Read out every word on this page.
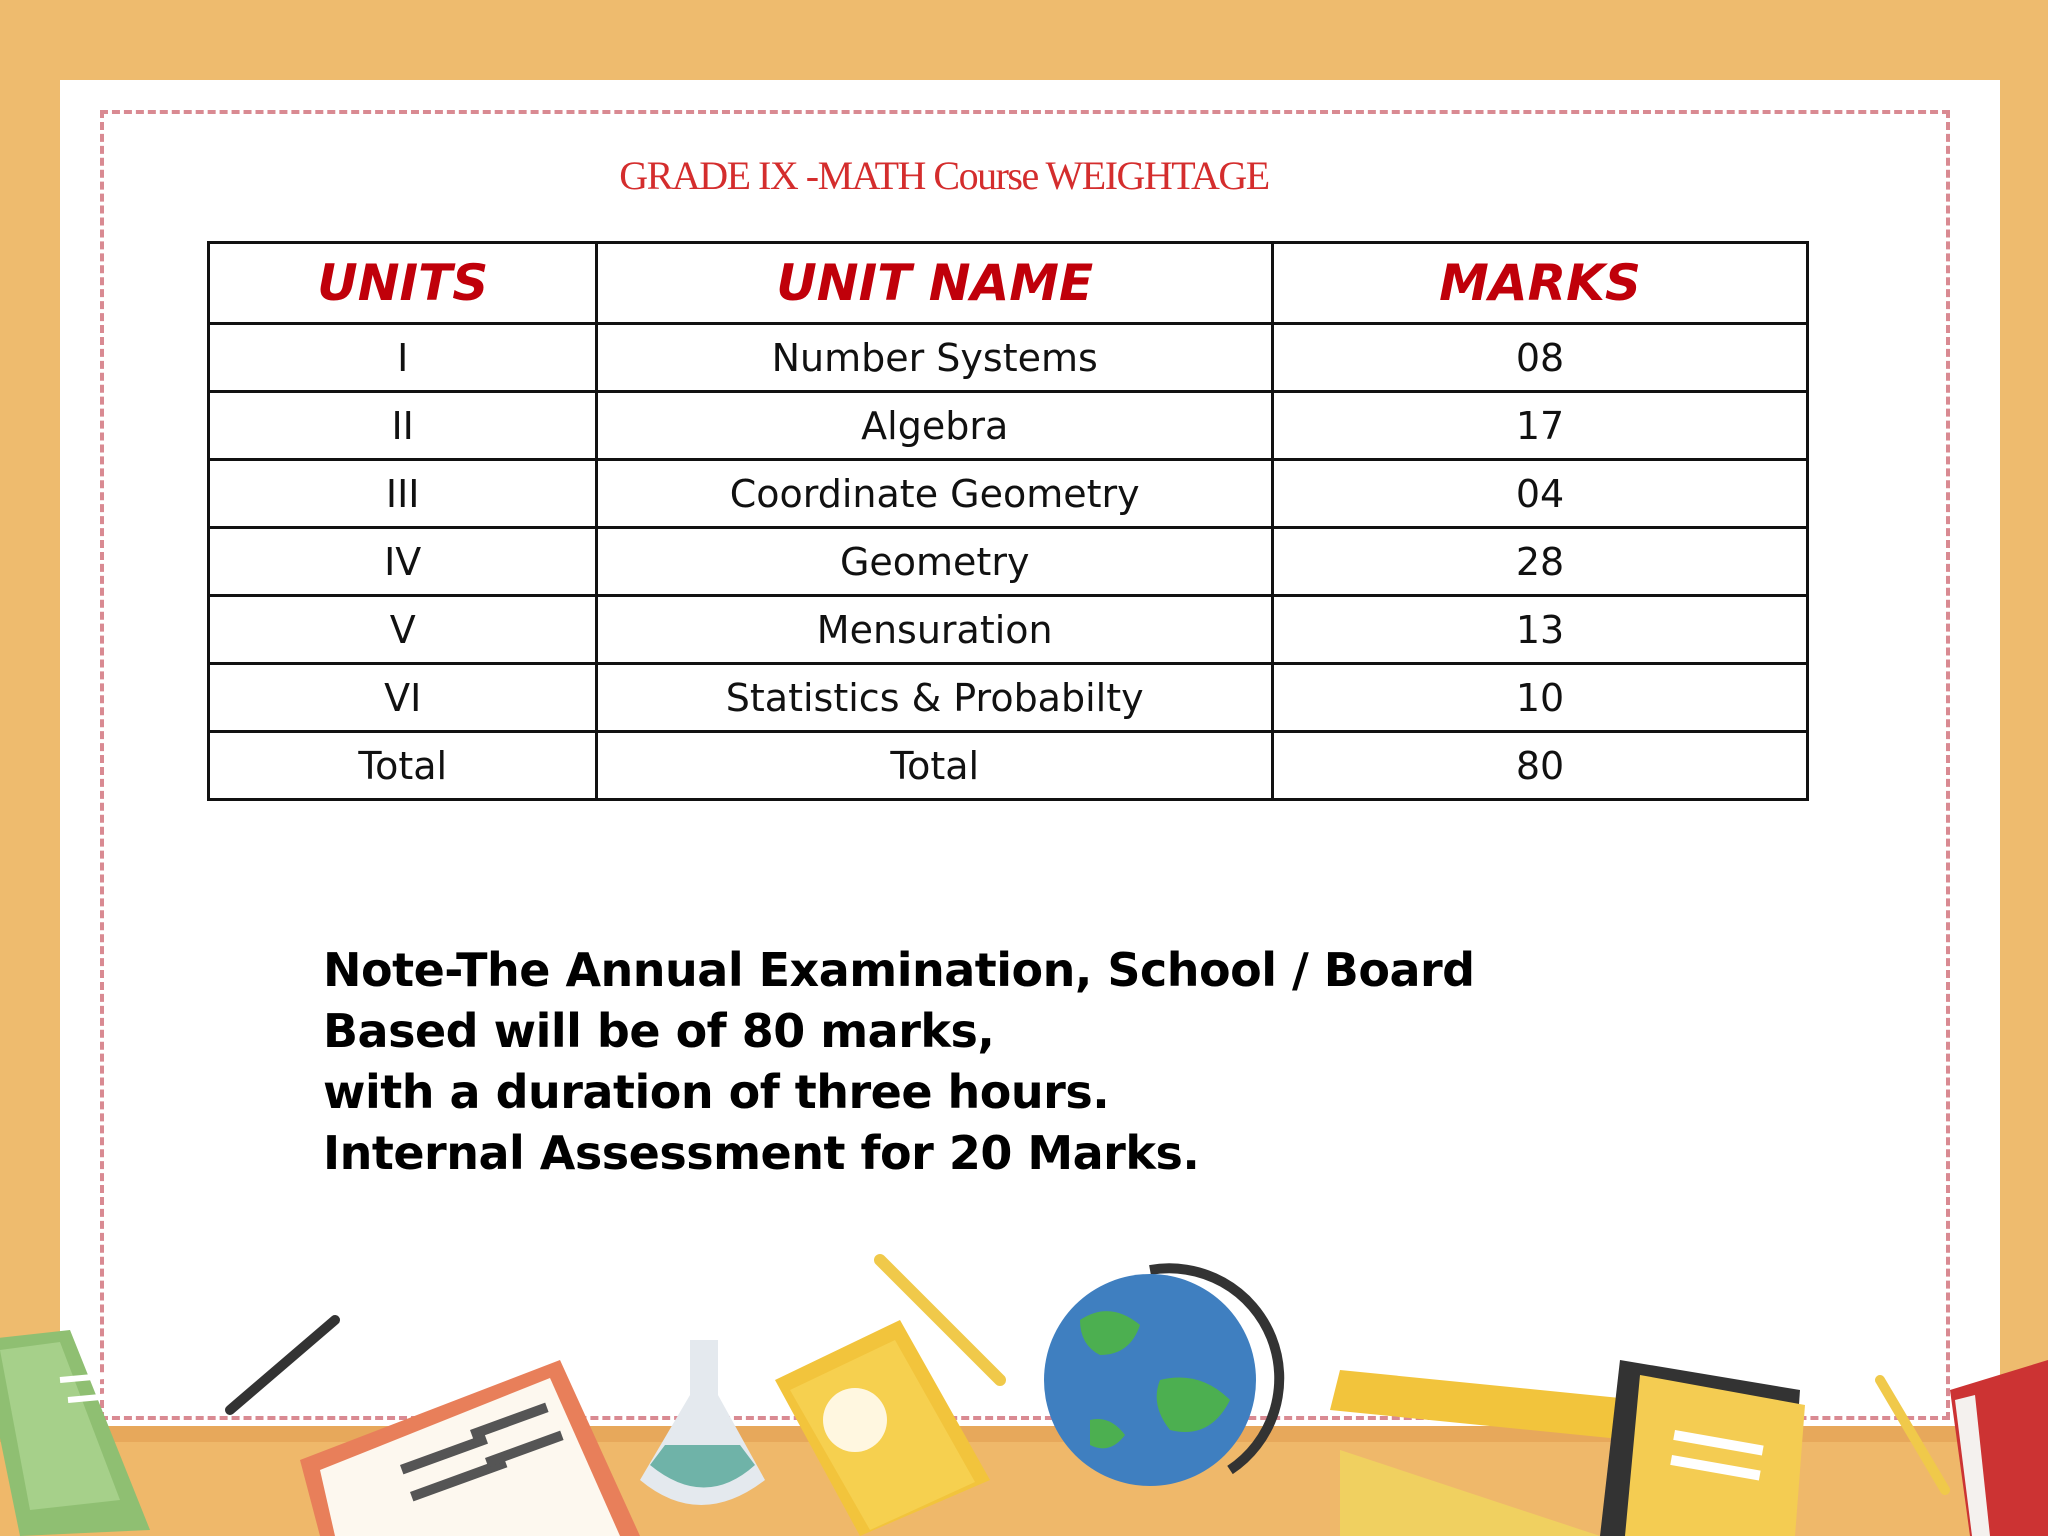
GRADE IX -MATH Course WEIGHTAGE
UNITS	UNIT NAME	MARKS
I	Number Systems	08
II	Algebra	17
III	Coordinate Geometry	04
IV	Geometry	28
V	Mensuration	13
VI	Statistics & Probabilty	10
Total	Total	80
Note-The Annual Examination, School / Board
Based will be of 80 marks,
with a duration of three hours.
Internal Assessment for 20 Marks.
